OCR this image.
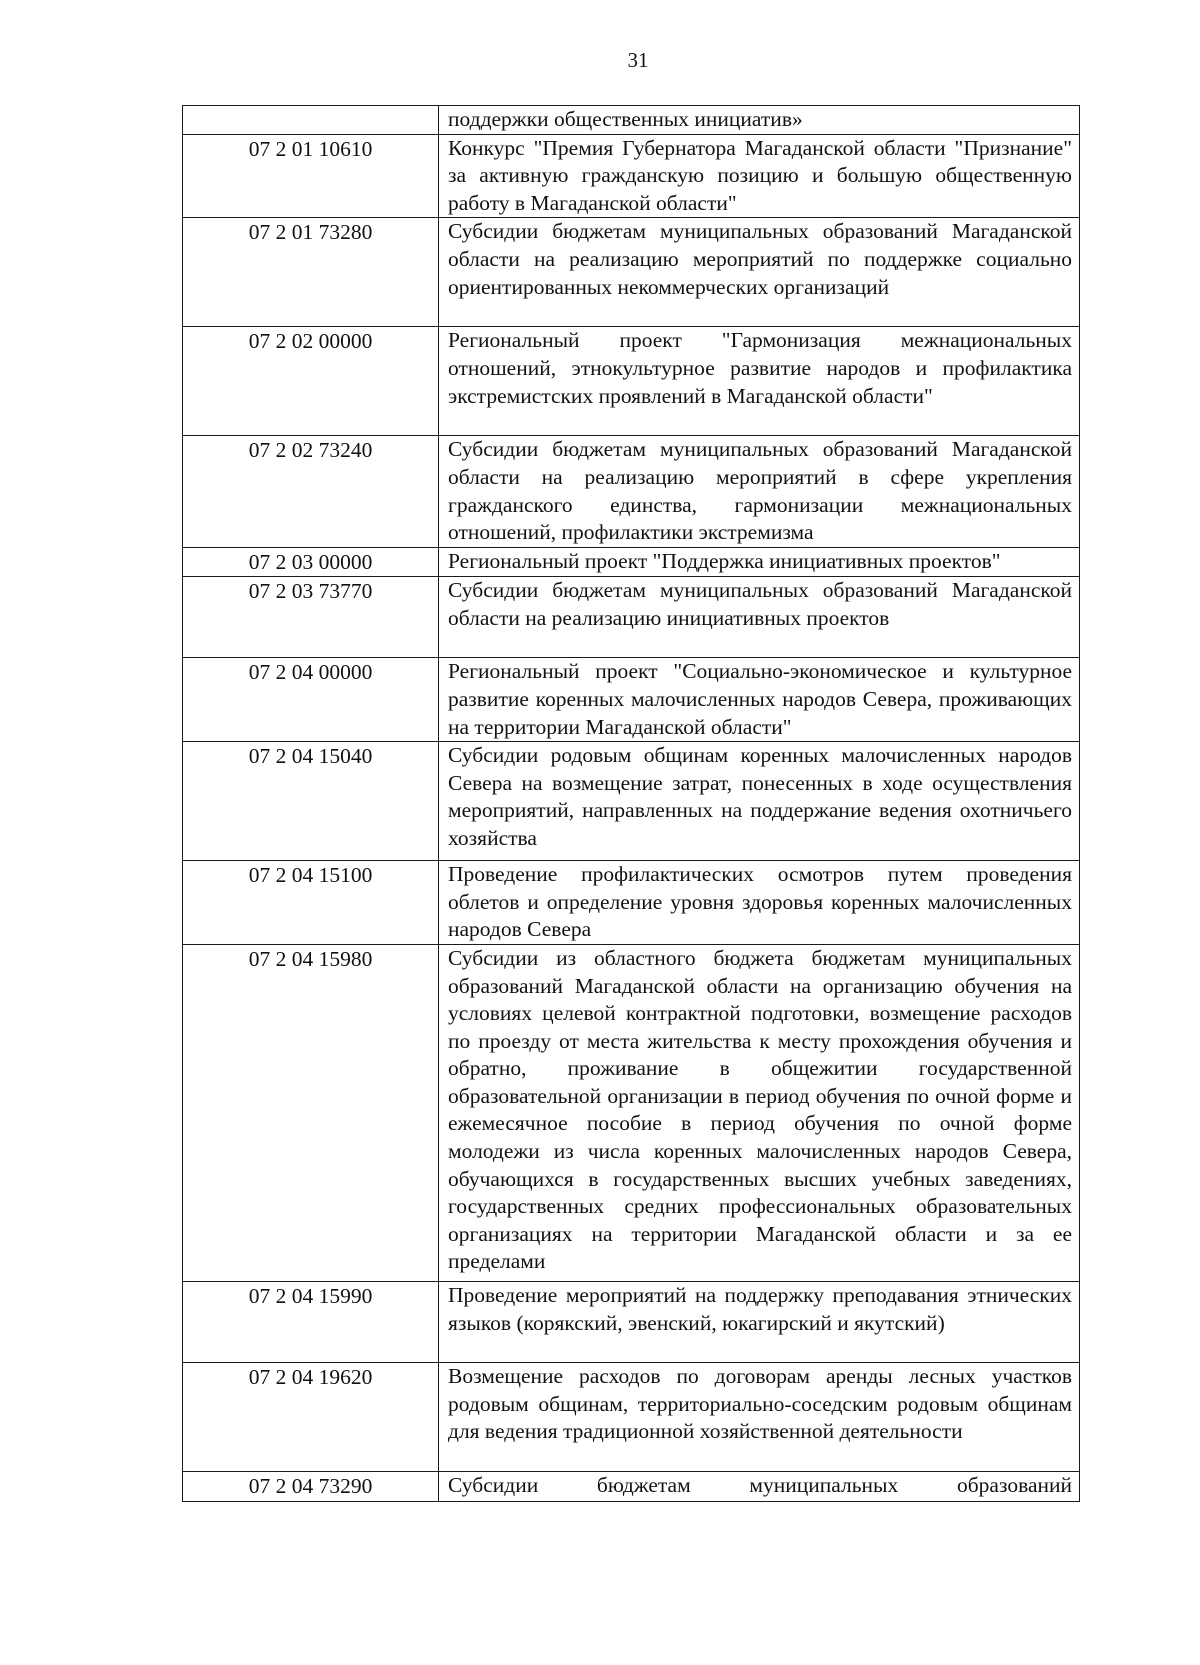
31
	поддержки общественных инициатив»
07 2 01 10610	Конкурс "Премия Губернатора Магаданской области "Признание" за активную гражданскую позицию и большую общественную работу в Магаданской области"
07 2 01 73280	Субсидии бюджетам муниципальных образований Магаданской области на реализацию мероприятий по поддержке социально ориентированных некоммерческих организаций
07 2 02 00000	Региональный проект "Гармонизация межнациональных отношений, этнокультурное развитие народов и профилактика экстремистских проявлений в Магаданской области"
07 2 02 73240	Субсидии бюджетам муниципальных образований Магаданской области на реализацию мероприятий в сфере укрепления гражданского единства, гармонизации межнациональных отношений, профилактики экстремизма
07 2 03 00000	Региональный проект "Поддержка инициативных проектов"
07 2 03 73770	Субсидии бюджетам муниципальных образований Магаданской области на реализацию инициативных проектов
07 2 04 00000	Региональный проект "Социально-экономическое и культурное развитие коренных малочисленных народов Севера, проживающих на территории Магаданской области"
07 2 04 15040	Субсидии родовым общинам коренных малочисленных народов Севера на возмещение затрат, понесенных в ходе осуществления мероприятий, направленных на поддержание ведения охотничьего хозяйства
07 2 04 15100	Проведение профилактических осмотров путем проведения облетов и определение уровня здоровья коренных малочисленных народов Севера
07 2 04 15980	Субсидии из областного бюджета бюджетам муниципальных образований Магаданской области на организацию обучения на условиях целевой контрактной подготовки, возмещение расходов по проезду от места жительства к месту прохождения обучения и обратно, проживание в общежитии государственной образовательной организации в период обучения по очной форме и ежемесячное пособие в период обучения по очной форме молодежи из числа коренных малочисленных народов Севера, обучающихся в государственных высших учебных заведениях, государственных средних профессиональных образовательных организациях на территории Магаданской области и за ее пределами
07 2 04 15990	Проведение мероприятий на поддержку преподавания этнических языков (корякский, эвенский, юкагирский и якутский)
07 2 04 19620	Возмещение расходов по договорам аренды лесных участков родовым общинам, территориально-соседским родовым общинам для ведения традиционной хозяйственной деятельности
07 2 04 73290	Субсидии бюджетам муниципальных образований
